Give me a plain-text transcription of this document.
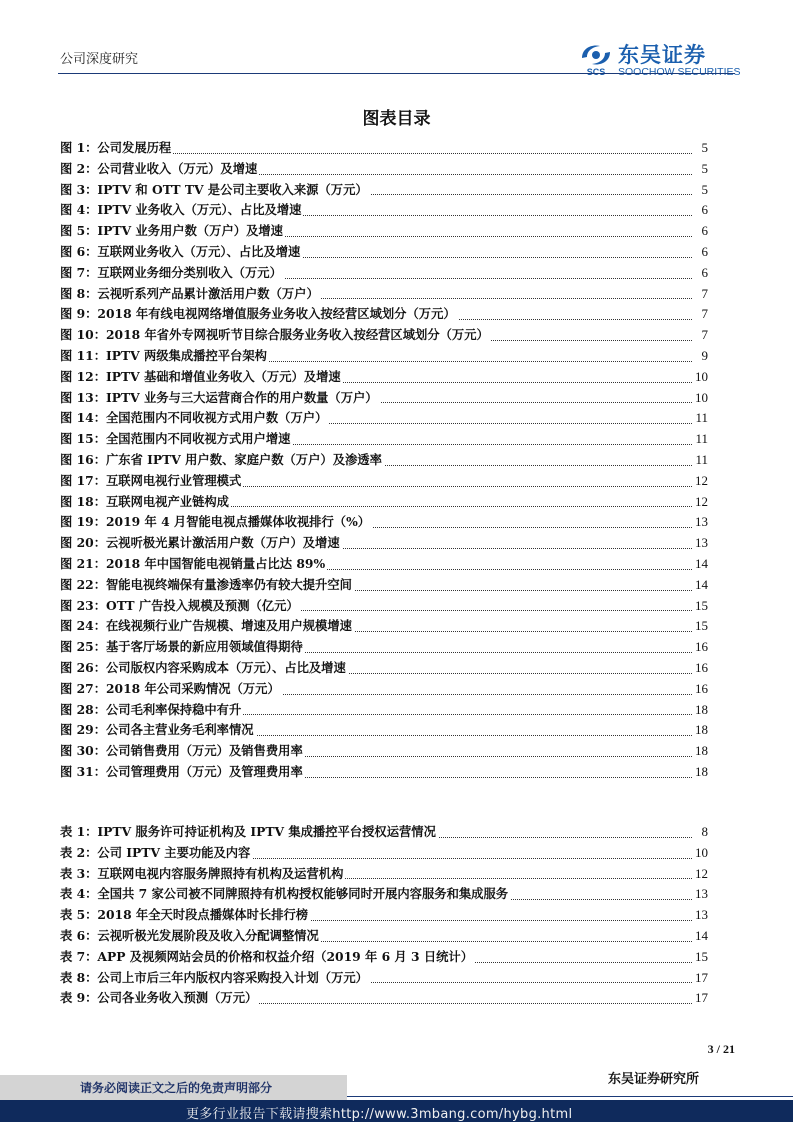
公司深度研究
SCS
东吴证券
SOOCHOW SECURITIES
图表目录
图 1：公司发展历程	5
图 2：公司营业收入（万元）及增速	5
图 3：IPTV 和 OTT TV 是公司主要收入来源（万元）	5
图 4：IPTV 业务收入（万元）、占比及增速	6
图 5：IPTV 业务用户数（万户）及增速	6
图 6：互联网业务收入（万元）、占比及增速	6
图 7：互联网业务细分类别收入（万元）	6
图 8：云视听系列产品累计激活用户数（万户）	7
图 9：2018 年有线电视网络增值服务业务收入按经营区域划分（万元）	7
图 10：2018 年省外专网视听节目综合服务业务收入按经营区域划分（万元）	7
图 11：IPTV 两级集成播控平台架构	9
图 12：IPTV 基础和增值业务收入（万元）及增速	10
图 13：IPTV 业务与三大运营商合作的用户数量（万户）	10
图 14：全国范围内不同收视方式用户数（万户）	11
图 15：全国范围内不同收视方式用户增速	11
图 16：广东省 IPTV 用户数、家庭户数（万户）及渗透率	11
图 17：互联网电视行业管理模式	12
图 18：互联网电视产业链构成	12
图 19：2019 年 4 月智能电视点播媒体收视排行（%）	13
图 20：云视听极光累计激活用户数（万户）及增速	13
图 21：2018 年中国智能电视销量占比达 89%	14
图 22：智能电视终端保有量渗透率仍有较大提升空间	14
图 23：OTT 广告投入规模及预测（亿元）	15
图 24：在线视频行业广告规模、增速及用户规模增速	15
图 25：基于客厅场景的新应用领域值得期待	16
图 26：公司版权内容采购成本（万元）、占比及增速	16
图 27：2018 年公司采购情况（万元）	16
图 28：公司毛利率保持稳中有升	18
图 29：公司各主营业务毛利率情况	18
图 30：公司销售费用（万元）及销售费用率	18
图 31：公司管理费用（万元）及管理费用率	18
表 1：IPTV 服务许可持证机构及 IPTV 集成播控平台授权运营情况	8
表 2：公司 IPTV 主要功能及内容	10
表 3：互联网电视内容服务牌照持有机构及运营机构	12
表 4：全国共 7 家公司被不同牌照持有机构授权能够同时开展内容服务和集成服务	13
表 5：2018 年全天时段点播媒体时长排行榜	13
表 6：云视听极光发展阶段及收入分配调整情况	14
表 7：APP 及视频网站会员的价格和权益介绍（2019 年 6 月 3 日统计）	15
表 8：公司上市后三年内版权内容采购投入计划（万元）	17
表 9：公司各业务收入预测（万元）	17
3 / 21
请务必阅读正文之后的免责声明部分
东吴证券研究所
更多行业报告下载请搜索http://www.3mbang.com/hybg.html
